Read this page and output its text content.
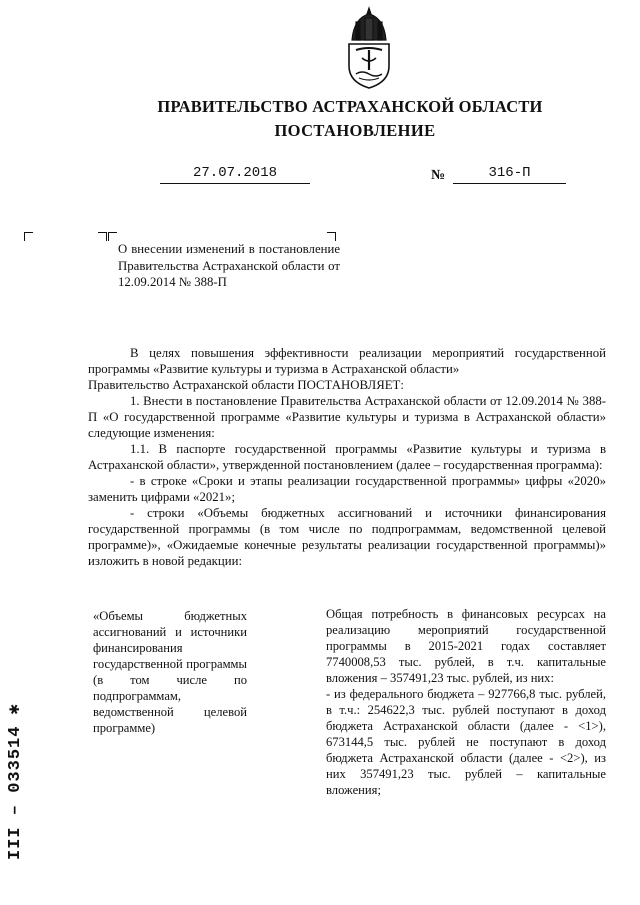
ПРАВИТЕЛЬСТВО АСТРАХАНСКОЙ ОБЛАСТИ
ПОСТАНОВЛЕНИЕ
27.07.2018	№	316-П
О внесении изменений в постановление Правительства Астраханской области от 12.09.2014 № 388-П

В целях повышения эффективности реализации мероприятий государственной программы «Развитие культуры и туризма в Астраханской области»

Правительство Астраханской области ПОСТАНОВЛЯЕТ:

1. Внести в постановление Правительства Астраханской области от 12.09.2014 № 388-П «О государственной программе «Развитие культуры и туризма в Астраханской области» следующие изменения:

1.1. В паспорте государственной программы «Развитие культуры и туризма в Астраханской области», утвержденной постановлением (далее – государственная программа):

- в строке «Сроки и этапы реализации государственной программы» цифры «2020» заменить цифрами «2021»;

- строки «Объемы бюджетных ассигнований и источники финансирования государственной программы (в том числе по подпрограммам, ведомственной целевой программе)», «Ожидаемые конечные результаты реализации государственной программы)» изложить в новой редакции:

«Объемы бюджетных ассигнований и источники финансирования государственной программы (в том числе по подпрограммам, ведомственной целевой программе)

Общая потребность в финансовых ресурсах на реализацию мероприятий государственной программы в 2015-2021 годах составляет 7740008,53 тыс. рублей, в т.ч. капитальные вложения – 357491,23 тыс. рублей, из них:

- из федерального бюджета – 927766,8 тыс. рублей, в т.ч.: 254622,3 тыс. рублей поступают в доход бюджета Астраханской области (далее - <1>), 673144,5 тыс. рублей не поступают в доход бюджета Астраханской области (далее - <2>), из них 357491,23 тыс. рублей – капитальные вложения;

III – 033514 ✱
